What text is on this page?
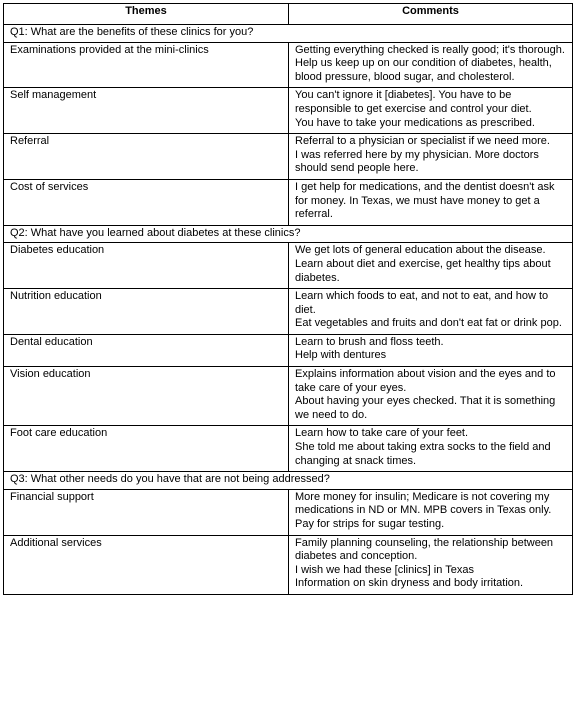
Themes	Comments
Q1: What are the benefits of these clinics for you?	
Examinations provided at the mini-clinics	Getting everything checked is really good; it's thorough.
Help us keep up on our condition of diabetes, health, blood pressure, blood sugar, and cholesterol.

Self management	You can't ignore it [diabetes]. You have to be responsible to get exercise and control your diet.
You have to take your medications as prescribed.

Referral	Referral to a physician or specialist if we need more.
I was referred here by my physician. More doctors should send people here.

Cost of services	I get help for medications, and the dentist doesn't ask for money. In Texas, we must have money to get a referral.

Q2: What have you learned about diabetes at these clinics?	
Diabetes education	We get lots of general education about the disease.
Learn about diet and exercise, get healthy tips about diabetes.

Nutrition education	Learn which foods to eat, and not to eat, and how to diet.
Eat vegetables and fruits and don't eat fat or drink pop.

Dental education	Learn to brush and floss teeth.
Help with dentures

Vision education	Explains information about vision and the eyes and to take care of your eyes.
About having your eyes checked. That it is something we need to do.

Foot care education	Learn how to take care of your feet.
She told me about taking extra socks to the field and changing at snack times.

Q3: What other needs do you have that are not being addressed?	
Financial support	More money for insulin; Medicare is not covering my medications in ND or MN. MPB covers in Texas only.
Pay for strips for sugar testing.

Additional services	Family planning counseling, the relationship between diabetes and conception.
I wish we had these [clinics] in Texas
Information on skin dryness and body irritation.
